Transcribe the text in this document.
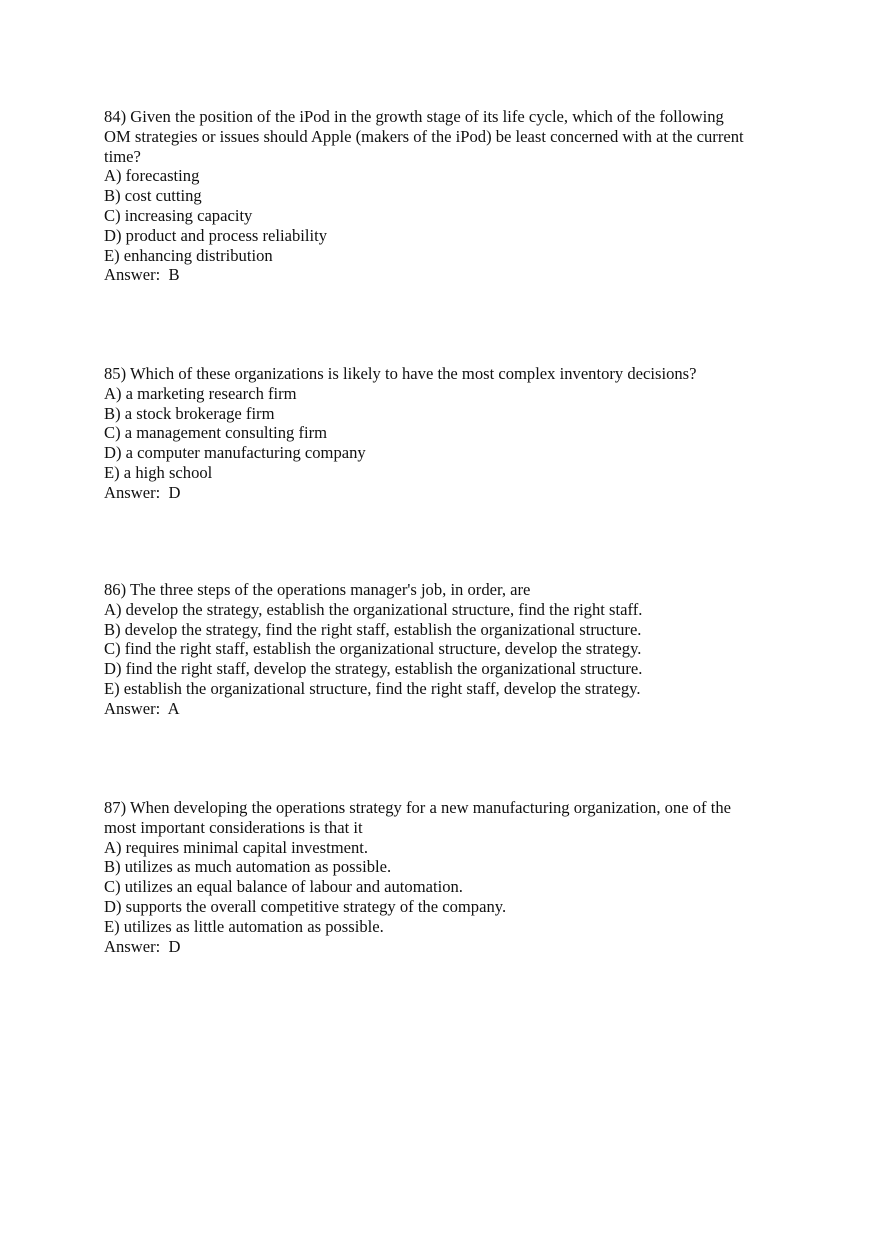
84) Given the position of the iPod in the growth stage of its life cycle, which of the following

OM strategies or issues should Apple (makers of the iPod) be least concerned with at the current

time?

A) forecasting

B) cost cutting

C) increasing capacity

D) product and process reliability

E) enhancing distribution

Answer:  B

85) Which of these organizations is likely to have the most complex inventory decisions?

A) a marketing research firm

B) a stock brokerage firm

C) a management consulting firm

D) a computer manufacturing company

E) a high school

Answer:  D

86) The three steps of the operations manager's job, in order, are

A) develop the strategy, establish the organizational structure, find the right staff.

B) develop the strategy, find the right staff, establish the organizational structure.

C) find the right staff, establish the organizational structure, develop the strategy.

D) find the right staff, develop the strategy, establish the organizational structure.

E) establish the organizational structure, find the right staff, develop the strategy.

Answer:  A

87) When developing the operations strategy for a new manufacturing organization, one of the

most important considerations is that it

A) requires minimal capital investment.

B) utilizes as much automation as possible.

C) utilizes an equal balance of labour and automation.

D) supports the overall competitive strategy of the company.

E) utilizes as little automation as possible.

Answer:  D
